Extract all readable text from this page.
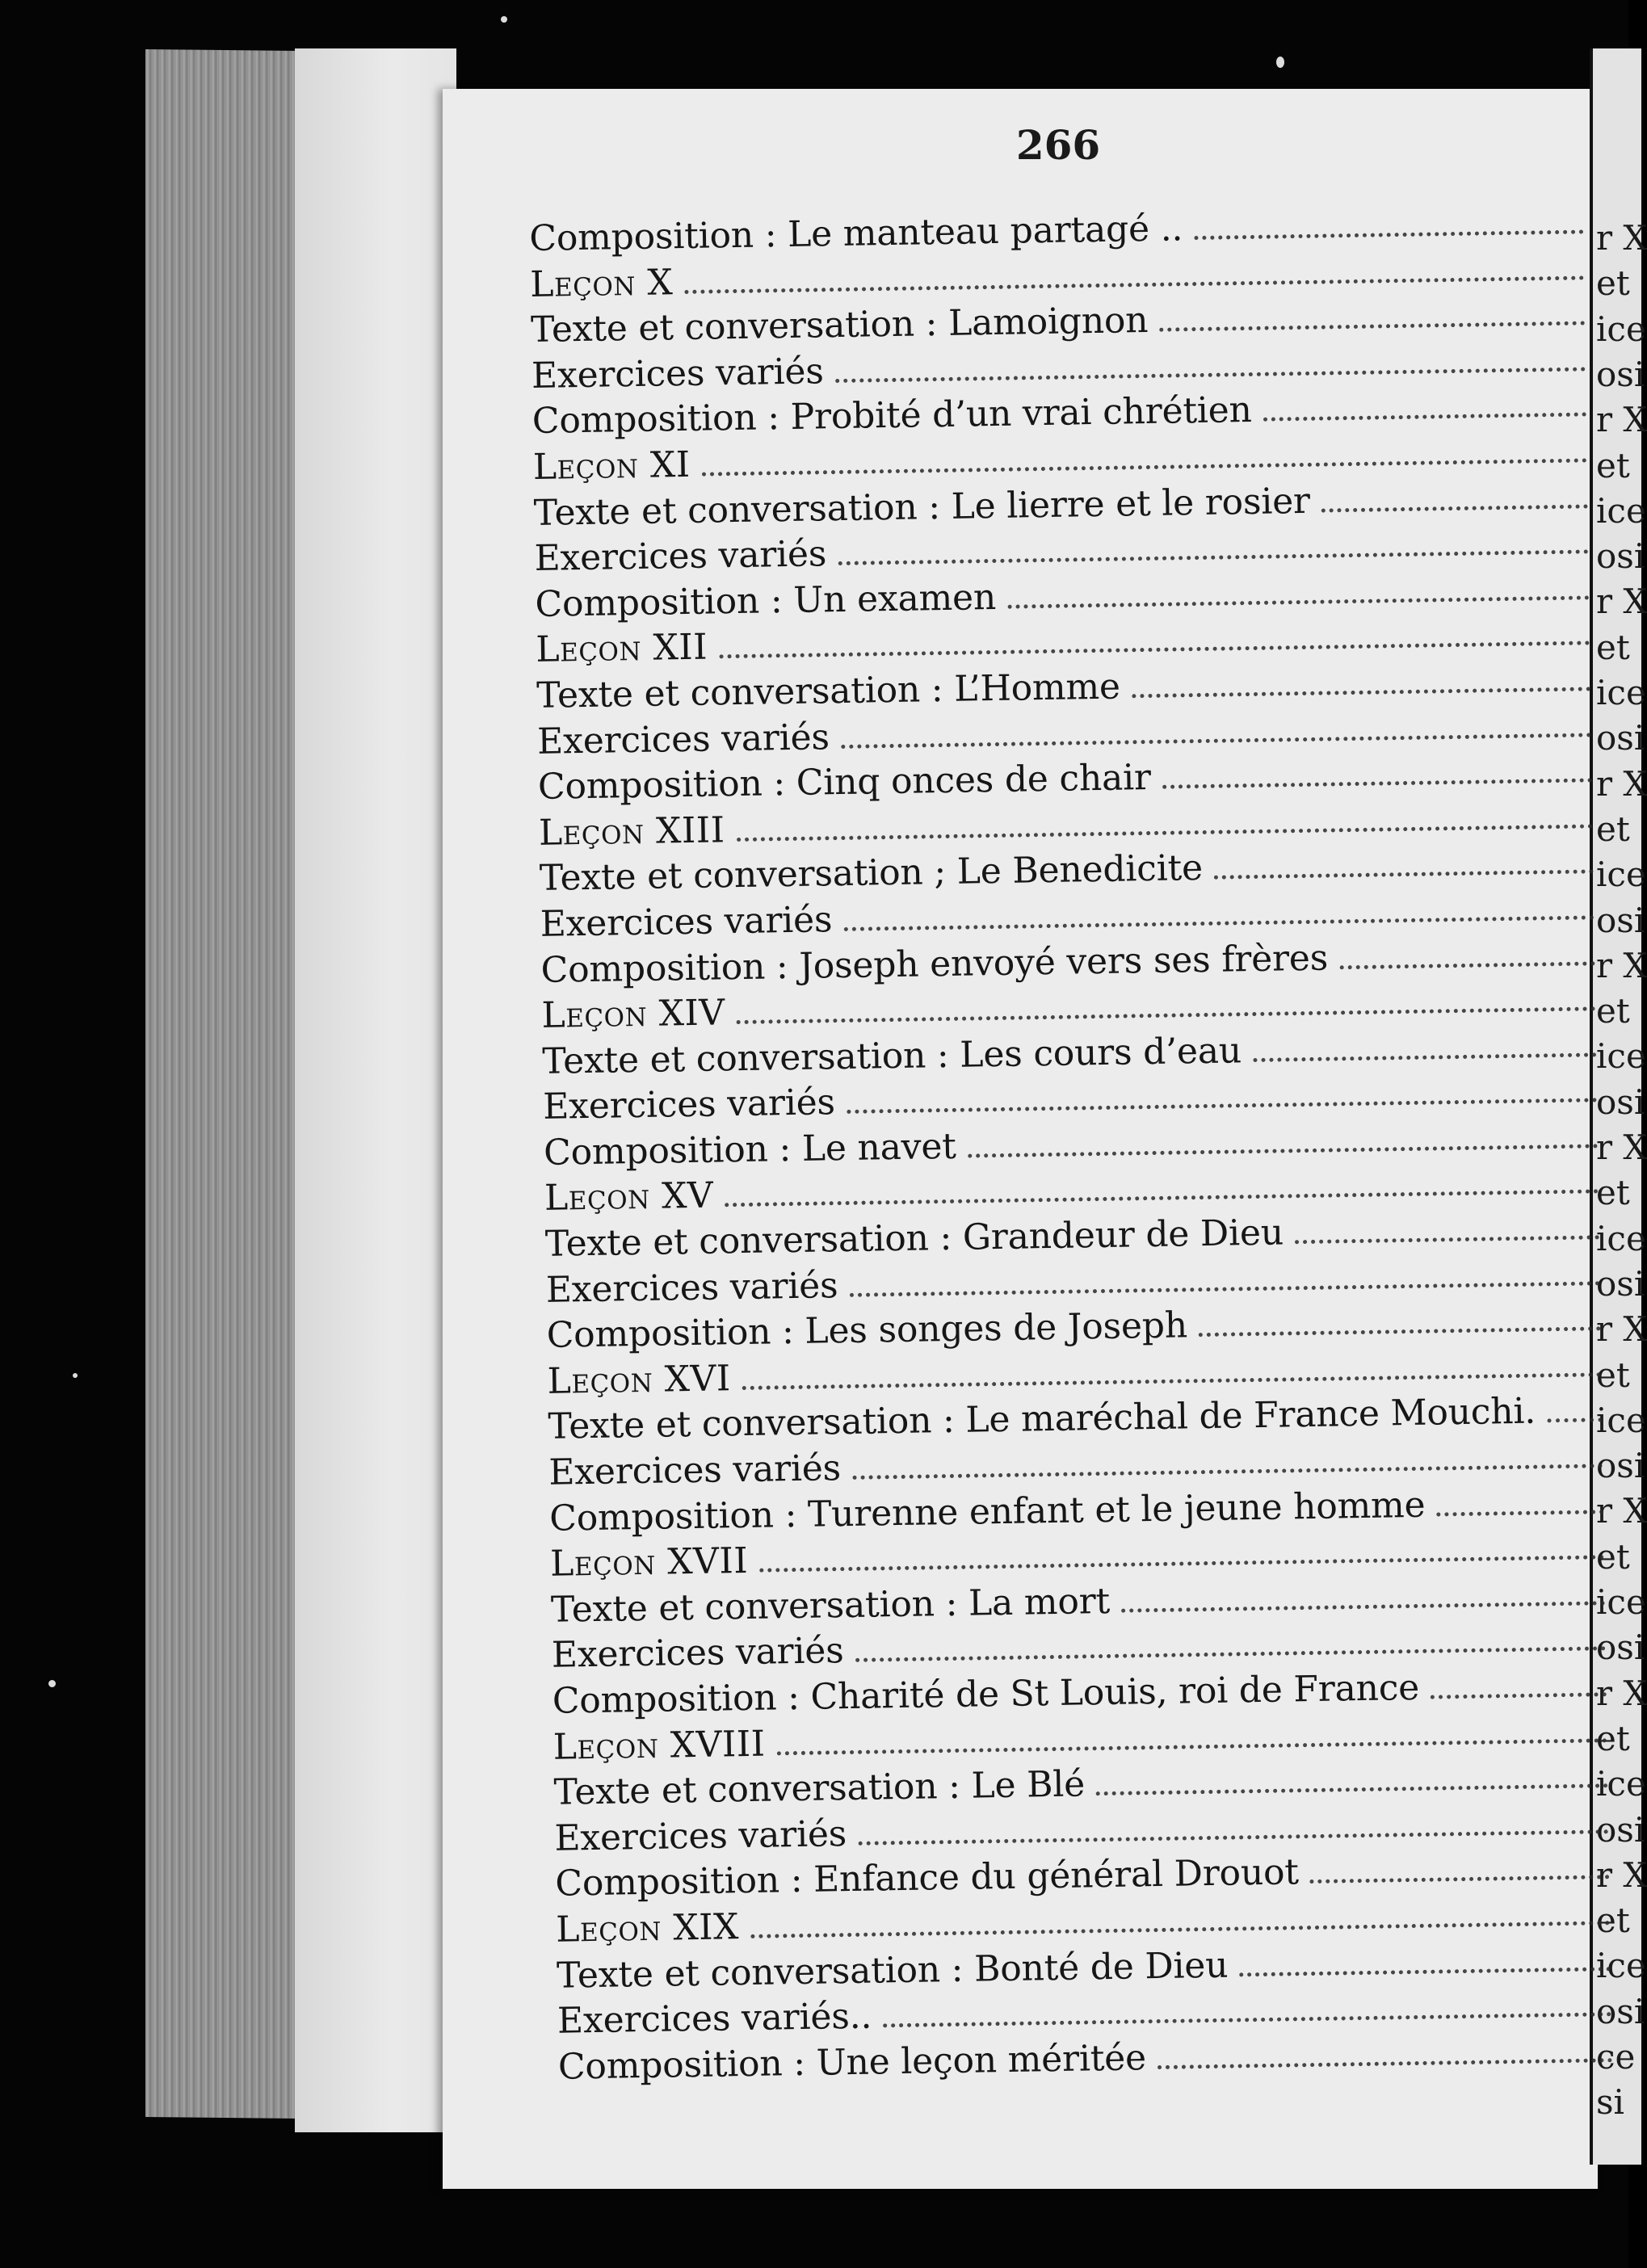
r X
et
ice
osi
r X
et
ice
osi
r X
et
ice
osi
r X
et
ice
osi
r X
et
ice
osi
r X
et
ice
osi
r X
et
ice
osi
r X
et
ice
osi
r X
et
ice
osi
r X
et
ice
osi
ce
si
266
Composition : Le manteau partagé ..
Leçon X
Texte et conversation : Lamoignon
Exercices variés
Composition : Probité d’un vrai chrétien
Leçon XI
Texte et conversation : Le lierre et le rosier
Exercices variés
Composition : Un examen
Leçon XII
Texte et conversation : L’Homme
Exercices variés
Composition : Cinq onces de chair
Leçon XIII
Texte et conversation ; Le Benedicite
Exercices variés
Composition : Joseph envoyé vers ses frères
Leçon XIV
Texte et conversation : Les cours d’eau
Exercices variés
Composition : Le navet
Leçon XV
Texte et conversation : Grandeur de Dieu
Exercices variés
Composition : Les songes de Joseph
Leçon XVI
Texte et conversation : Le maréchal de France Mouchi.
Exercices variés
Composition : Turenne enfant et le jeune homme
Leçon XVII
Texte et conversation : La mort
Exercices variés
Composition : Charité de St Louis, roi de France
Leçon XVIII
Texte et conversation : Le Blé
Exercices variés
Composition : Enfance du général Drouot
Leçon XIX
Texte et conversation : Bonté de Dieu
Exercices variés..
Composition : Une leçon méritée
